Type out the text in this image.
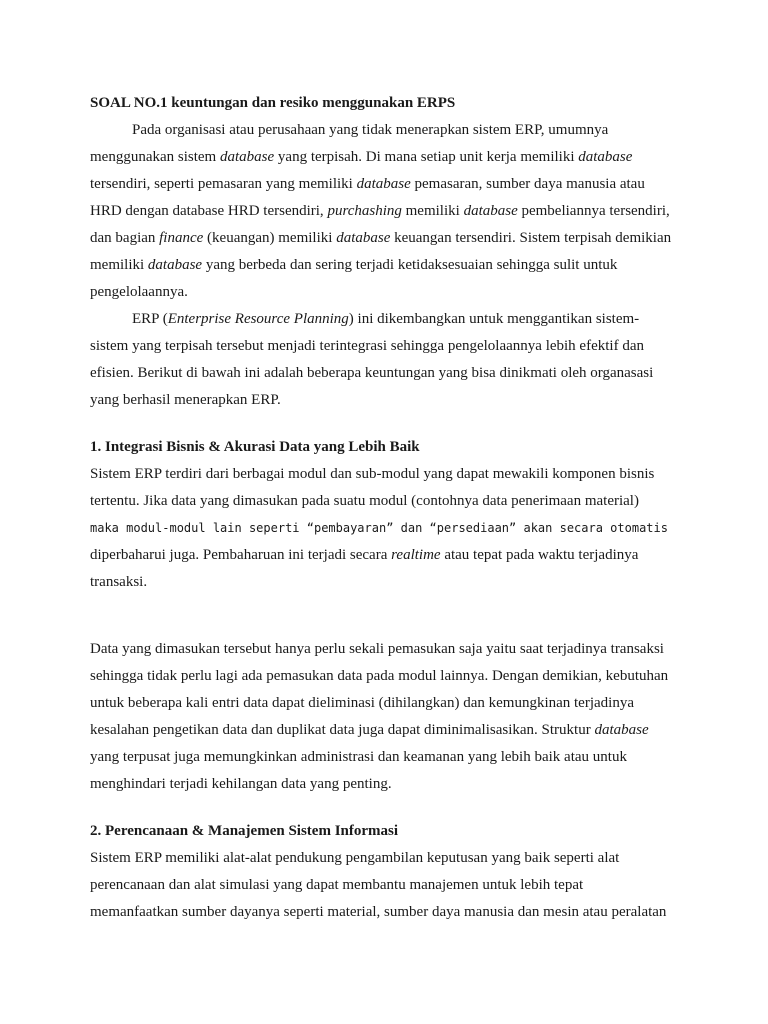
SOAL NO.1 keuntungan dan resiko menggunakan ERPS
Pada organisasi atau perusahaan yang tidak menerapkan sistem ERP, umumnya
menggunakan sistem database yang terpisah. Di mana setiap unit kerja memiliki database
tersendiri, seperti pemasaran yang memiliki database pemasaran, sumber daya manusia atau
HRD dengan database HRD tersendiri, purchashing memiliki database pembeliannya tersendiri,
dan bagian finance (keuangan) memiliki database keuangan tersendiri. Sistem terpisah demikian
memiliki database yang berbeda dan sering terjadi ketidaksesuaian sehingga sulit untuk
pengelolaannya.
ERP (Enterprise Resource Planning) ini dikembangkan untuk menggantikan sistem-
sistem yang terpisah tersebut menjadi terintegrasi sehingga pengelolaannya lebih efektif dan
efisien. Berikut di bawah ini adalah beberapa keuntungan yang bisa dinikmati oleh organasasi
yang berhasil menerapkan ERP.
1. Integrasi Bisnis & Akurasi Data yang Lebih Baik
Sistem ERP terdiri dari berbagai modul dan sub-modul yang dapat mewakili komponen bisnis
tertentu. Jika data yang dimasukan pada suatu modul (contohnya data penerimaan material)
maka modul-modul lain seperti “pembayaran” dan “persediaan” akan secara otomatis
diperbaharui juga. Pembaharuan ini terjadi secara realtime atau tepat pada waktu terjadinya
transaksi.
Data yang dimasukan tersebut hanya perlu sekali pemasukan saja yaitu saat terjadinya transaksi
sehingga tidak perlu lagi ada pemasukan data pada modul lainnya. Dengan demikian, kebutuhan
untuk beberapa kali entri data dapat dieliminasi (dihilangkan) dan kemungkinan terjadinya
kesalahan pengetikan data dan duplikat data juga dapat diminimalisasikan. Struktur database
yang terpusat juga memungkinkan administrasi dan keamanan yang lebih baik atau untuk
menghindari terjadi kehilangan data yang penting.
2. Perencanaan & Manajemen Sistem Informasi
Sistem ERP memiliki alat-alat pendukung pengambilan keputusan yang baik seperti alat
perencanaan dan alat simulasi yang dapat membantu manajemen untuk lebih tepat
memanfaatkan sumber dayanya seperti material, sumber daya manusia dan mesin atau peralatan
